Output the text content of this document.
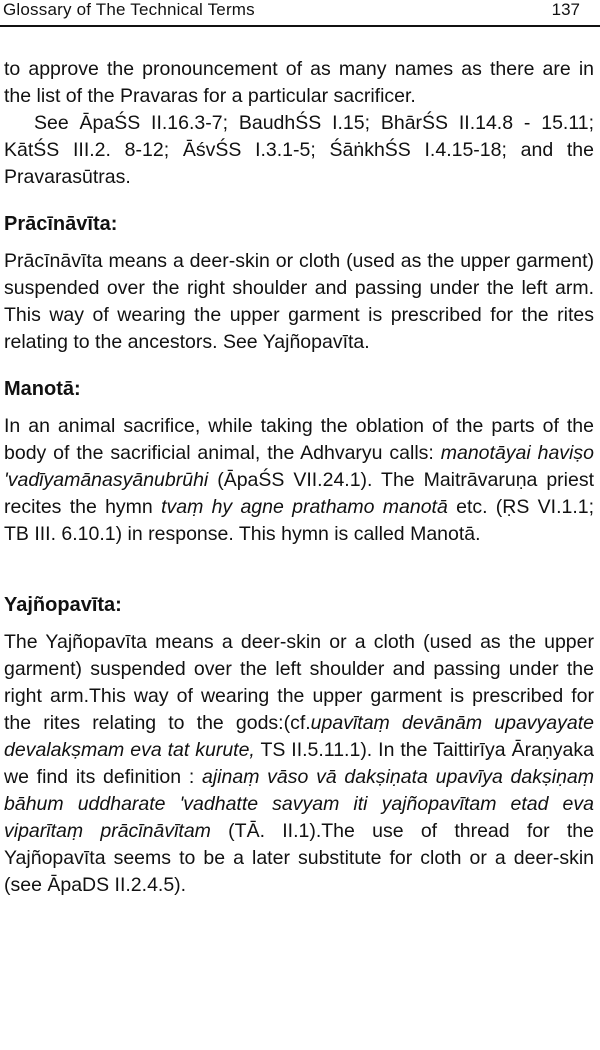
Glossary of The Technical Terms	137

to approve the pronouncement of as many names as there are in the list of the Pravaras for a particular sacrificer.

See ĀpaŚS II.16.3-7; BaudhŚS I.15; BhārŚS II.14.8 - 15.11; KātŚS III.2. 8-12; ĀśvŚS I.3.1-5; ŚāṅkhŚS I.4.15-18; and the Pravarasūtras.

Prācīnāvīta:

Prācīnāvīta means a deer-skin or cloth (used as the upper garment) suspended over the right shoulder and passing under the left arm. This way of wearing the upper garment is prescribed for the rites relating to the ancestors. See Yajñopavīta.

Manotā:

In an animal sacrifice, while taking the oblation of the parts of the body of the sacrificial animal, the Adhvaryu calls: manotāyai haviṣo 'vadīyamānasyānubrūhi (ĀpaŚS VII.24.1). The Maitrāvaruṇa priest recites the hymn tvaṃ hy agne prathamo manotā etc. (ṚS VI.1.1; TB III. 6.10.1) in response. This hymn is called Manotā.

Yajñopavīta:

The Yajñopavīta means a deer-skin or a cloth (used as the upper garment) suspended over the left shoulder and passing under the right arm.This way of wearing the upper garment is prescribed for the rites relating to the gods:(cf.upavītaṃ devānām upavyayate devalakṣmam eva tat kurute, TS II.5.11.1). In the Taittirīya Āraṇyaka we find its definition : ajinaṃ vāso vā dakṣiṇata upavīya dakṣiṇaṃ bāhum uddharate 'vadhatte savyam iti yajñopavītam etad eva viparītaṃ prācīnāvītam (TĀ. II.1).The use of thread for the Yajñopavīta seems to be a later substitute for cloth or a deer-skin (see ĀpaDS II.2.4.5).
